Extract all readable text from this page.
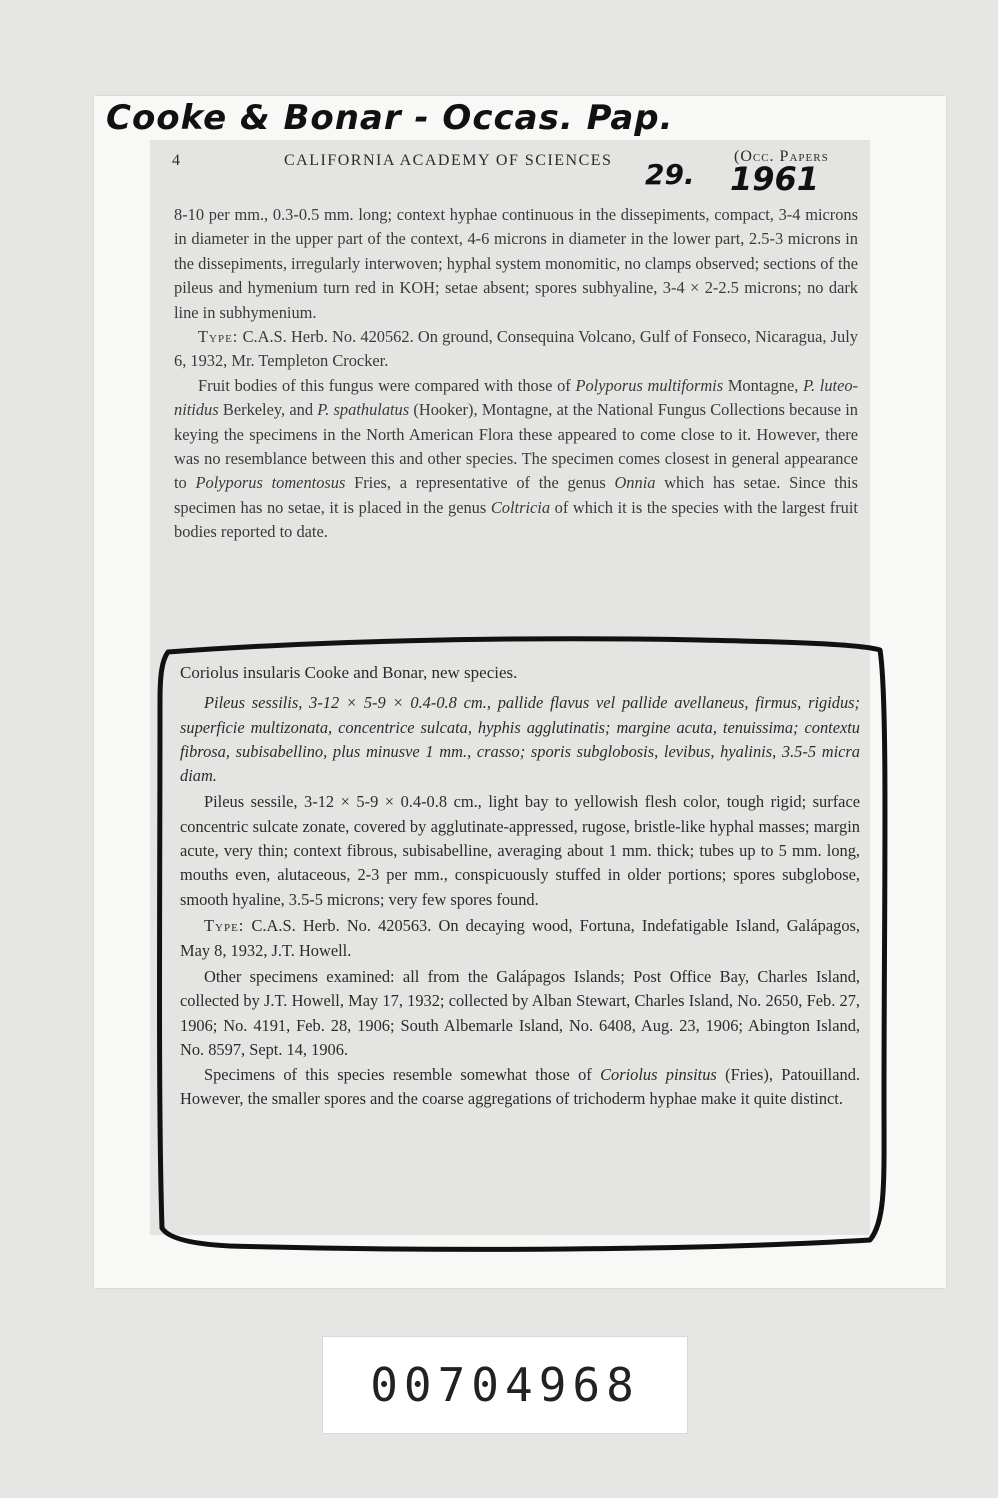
Cooke & Bonar - Occas. Pap.
29. 1961
4	CALIFORNIA ACADEMY OF SCIENCES	(Occ. Papers

8-10 per mm., 0.3-0.5 mm. long; context hyphae continuous in the dissepiments, compact, 3-4 microns in diameter in the upper part of the context, 4-6 microns in diameter in the lower part, 2.5-3 microns in the dissepiments, irregularly interwoven; hyphal system monomitic, no clamps observed; sections of the pileus and hymenium turn red in KOH; setae absent; spores subhyaline, 3-4 × 2-2.5 microns; no dark line in subhymenium.

Type: C.A.S. Herb. No. 420562. On ground, Consequina Volcano, Gulf of Fonseco, Nicaragua, July 6, 1932, Mr. Templeton Crocker.

Fruit bodies of this fungus were compared with those of Polyporus multiformis Montagne, P. luteo-nitidus Berkeley, and P. spathulatus (Hooker), Montagne, at the National Fungus Collections because in keying the specimens in the North American Flora these appeared to come close to it. However, there was no resemblance between this and other species. The specimen comes closest in general appearance to Polyporus tomentosus Fries, a representative of the genus Onnia which has setae. Since this specimen has no setae, it is placed in the genus Coltricia of which it is the species with the largest fruit bodies reported to date.

Coriolus insularis Cooke and Bonar, new species.

Pileus sessilis, 3-12 × 5-9 × 0.4-0.8 cm., pallide flavus vel pallide avellaneus, firmus, rigidus; superficie multizonata, concentrice sulcata, hyphis agglutinatis; margine acuta, tenuissima; contextu fibrosa, subisabellino, plus minusve 1 mm., crasso; sporis subglobosis, levibus, hyalinis, 3.5-5 micra diam.

Pileus sessile, 3-12 × 5-9 × 0.4-0.8 cm., light bay to yellowish flesh color, tough rigid; surface concentric sulcate zonate, covered by agglutinate-appressed, rugose, bristle-like hyphal masses; margin acute, very thin; context fibrous, subisabelline, averaging about 1 mm. thick; tubes up to 5 mm. long, mouths even, alutaceous, 2-3 per mm., conspicuously stuffed in older portions; spores subglobose, smooth hyaline, 3.5-5 microns; very few spores found.

Type: C.A.S. Herb. No. 420563. On decaying wood, Fortuna, Indefatigable Island, Galápagos, May 8, 1932, J.T. Howell.

Other specimens examined: all from the Galápagos Islands; Post Office Bay, Charles Island, collected by J.T. Howell, May 17, 1932; collected by Alban Stewart, Charles Island, No. 2650, Feb. 27, 1906; No. 4191, Feb. 28, 1906; South Albemarle Island, No. 6408, Aug. 23, 1906; Abington Island, No. 8597, Sept. 14, 1906.

Specimens of this species resemble somewhat those of Coriolus pinsitus (Fries), Patouilland. However, the smaller spores and the coarse aggregations of trichoderm hyphae make it quite distinct.

00704968
